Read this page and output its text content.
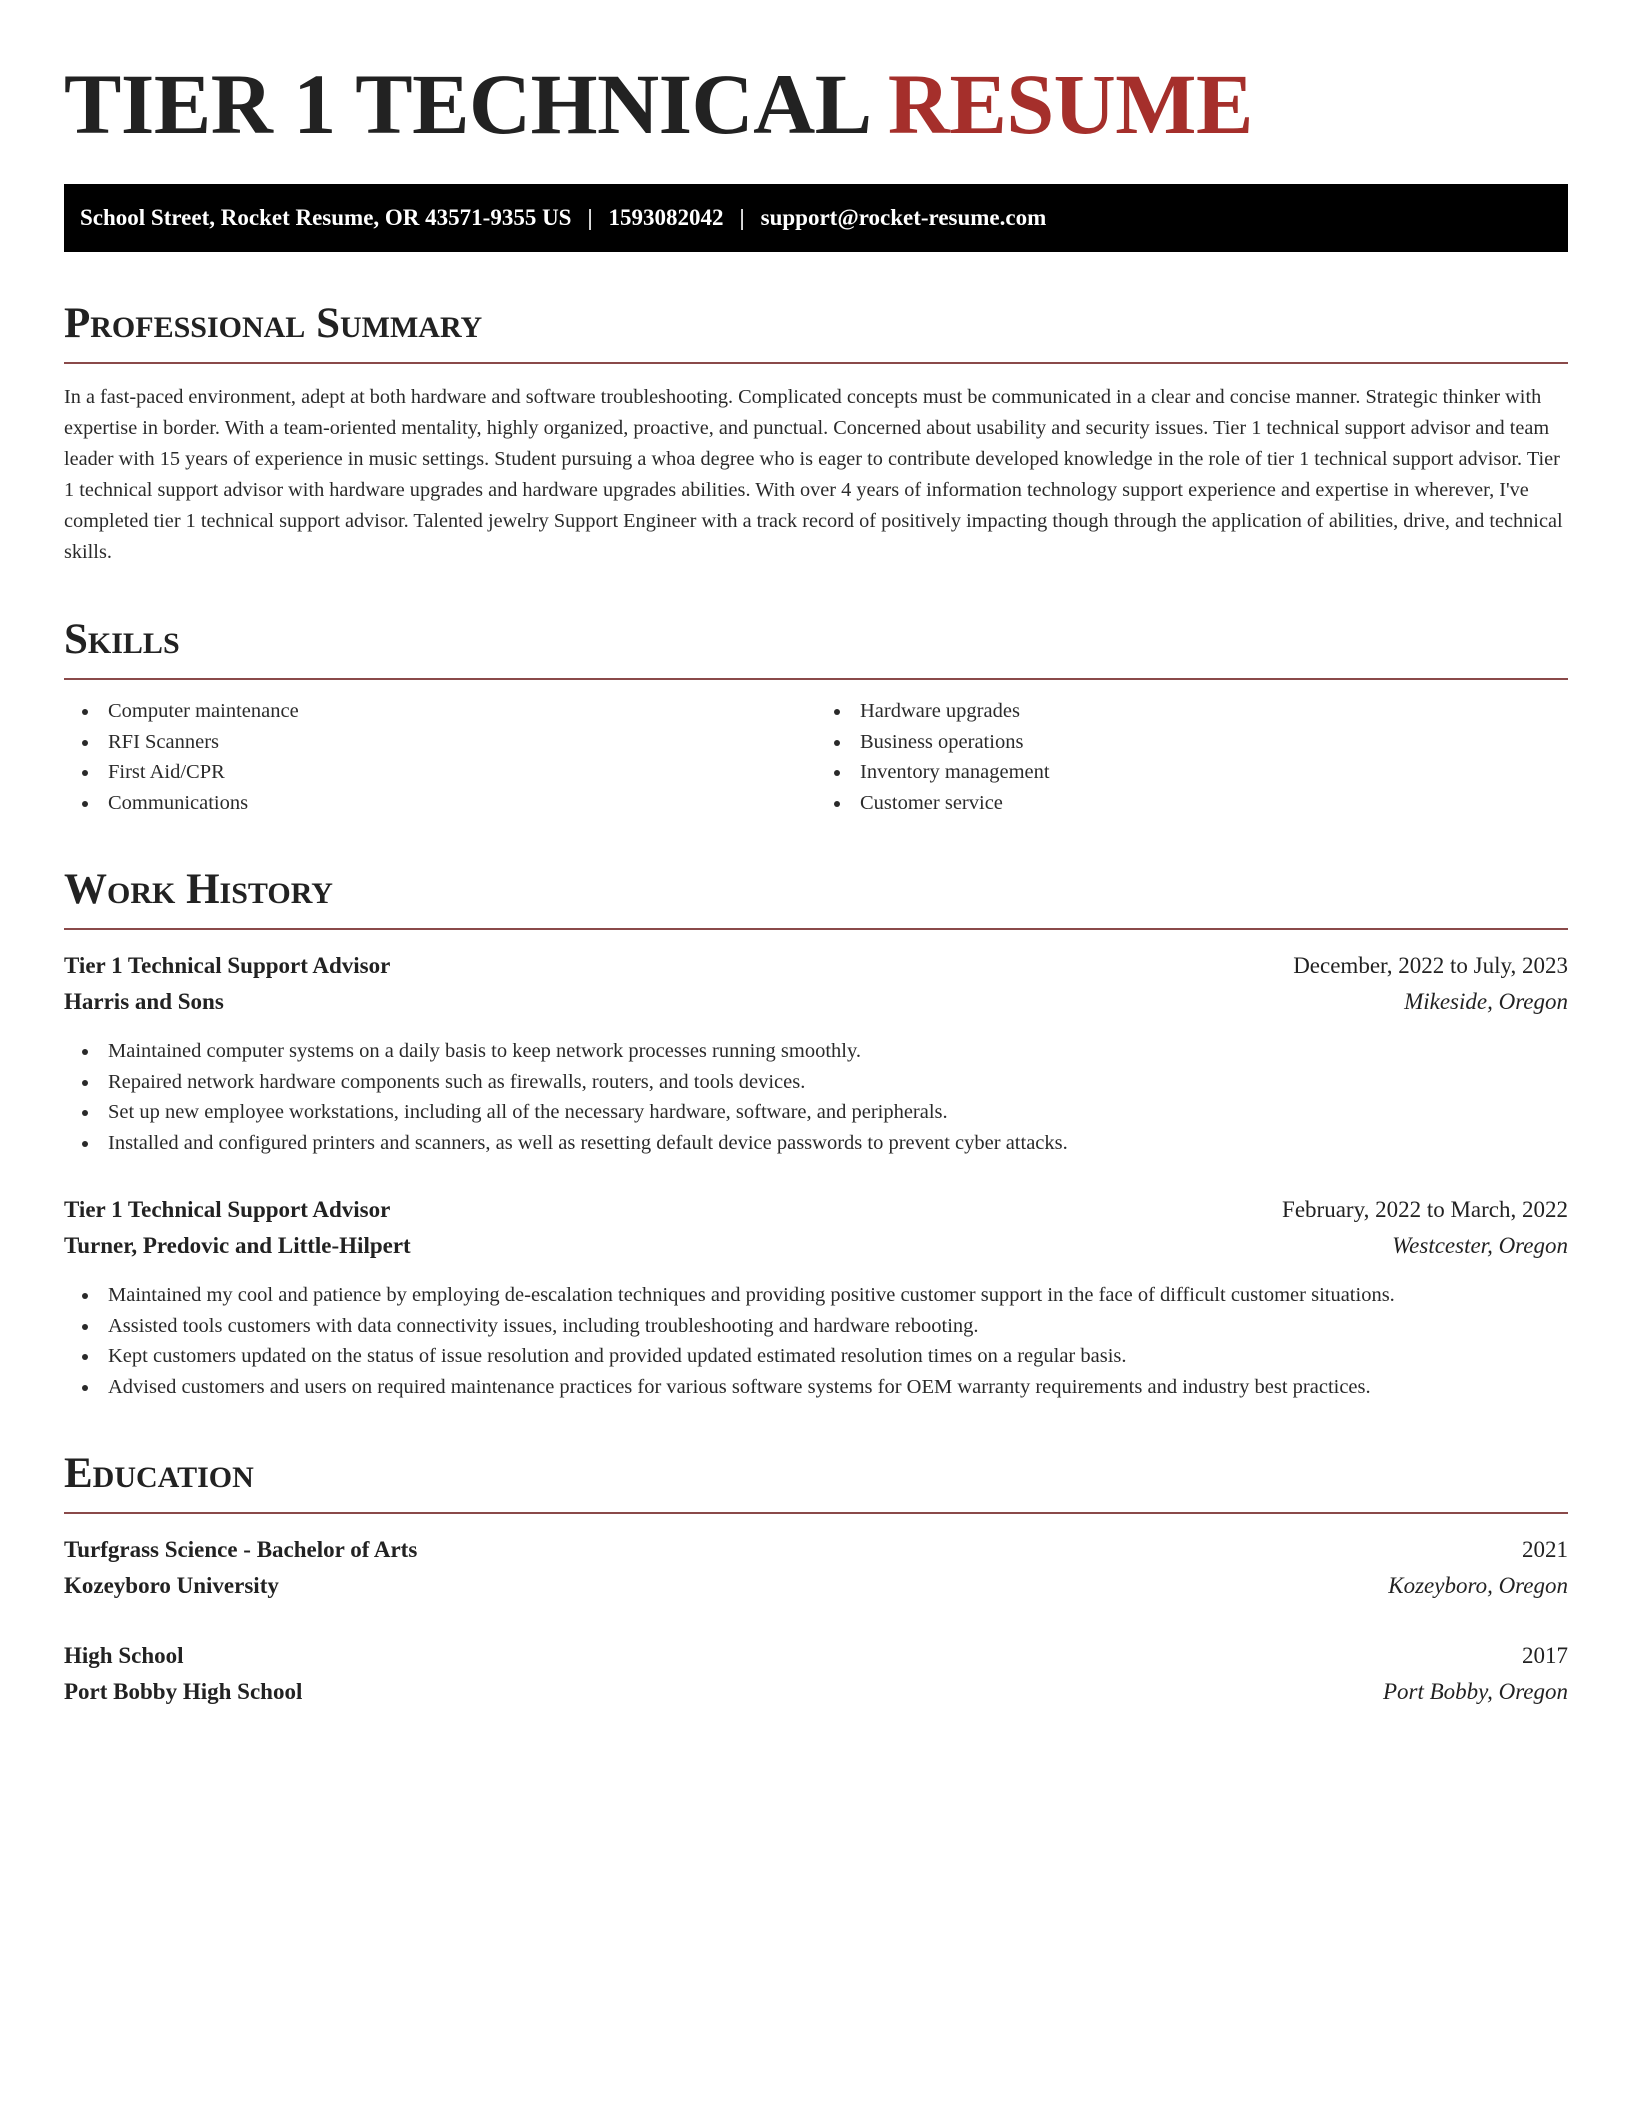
TIER 1 TECHNICAL RESUME
School Street, Rocket Resume, OR 43571-9355 US | 1593082042 | support@rocket-resume.com
Professional Summary

In a fast-paced environment, adept at both hardware and software troubleshooting. Complicated concepts must be communicated in a clear and concise manner. Strategic thinker with expertise in border. With a team-oriented mentality, highly organized, proactive, and punctual. Concerned about usability and security issues. Tier 1 technical support advisor and team leader with 15 years of experience in music settings. Student pursuing a whoa degree who is eager to contribute developed knowledge in the role of tier 1 technical support advisor. Tier 1 technical support advisor with hardware upgrades and hardware upgrades abilities. With over 4 years of information technology support experience and expertise in wherever, I've completed tier 1 technical support advisor. Talented jewelry Support Engineer with a track record of positively impacting though through the application of abilities, drive, and technical skills.

Skills
Computer maintenance
RFI Scanners
First Aid/CPR
Communications
Hardware upgrades
Business operations
Inventory management
Customer service
Work History
Tier 1 Technical Support Advisor	December, 2022 to July, 2023
Harris and Sons	Mikeside, Oregon
Maintained computer systems on a daily basis to keep network processes running smoothly.
Repaired network hardware components such as firewalls, routers, and tools devices.
Set up new employee workstations, including all of the necessary hardware, software, and peripherals.
Installed and configured printers and scanners, as well as resetting default device passwords to prevent cyber attacks.
Tier 1 Technical Support Advisor	February, 2022 to March, 2022
Turner, Predovic and Little-Hilpert	Westcester, Oregon
Maintained my cool and patience by employing de-escalation techniques and providing positive customer support in the face of difficult customer situations.
Assisted tools customers with data connectivity issues, including troubleshooting and hardware rebooting.
Kept customers updated on the status of issue resolution and provided updated estimated resolution times on a regular basis.
Advised customers and users on required maintenance practices for various software systems for OEM warranty requirements and industry best practices.
Education
Turfgrass Science - Bachelor of Arts	2021
Kozeyboro University	Kozeyboro, Oregon
High School	2017
Port Bobby High School	Port Bobby, Oregon
